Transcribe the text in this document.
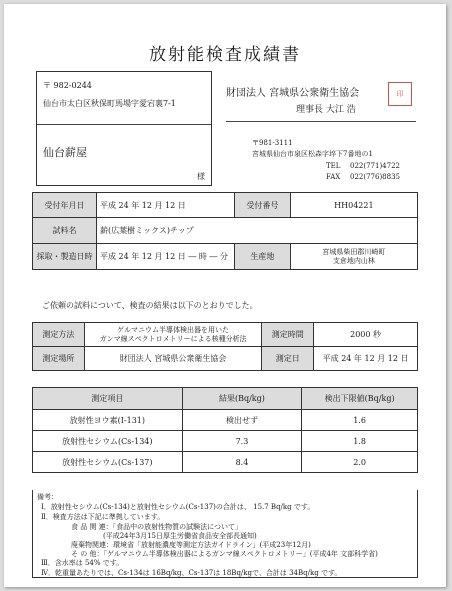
放射能検査成績書
〒 982-0244
仙台市太白区秋保町馬場字愛宕裏7-1
仙台薪屋
様
財団法人 宮城県公衆衛生協会
理事長 大江 浩
印
〒981-3111
宮城県仙台市泉区松森字埣下7番地の1
TEL 022(771)4722
FAX 022(776)8835
受付年月日	平成 24 年 12 月 12 日	受付番号	HH04221
試料名	薪(広葉樹ミックス)チップ		
採取・製造日時	平成 24 年 12 月 12 日 ― 時 ― 分	生産地	宮城県柴田郡川崎町
支倉地内山林
ご依頼の試料について、検査の結果は以下のとおりでした。
測定方法	ゲルマニウム半導体検出器を用いた
ガンマ線スペクトロメトリーによる核種分析法	測定時間	2000 秒
測定場所	財団法人 宮城県公衆衛生協会	測定日	平成 24 年 12 月 12 日
測定項目	結果(Bq/kg)	検出下限値(Bq/kg)
放射性ヨウ素(I-131)	検出せず	1.6
放射性セシウム(Cs-134)	7.3	1.8
放射性セシウム(Cs-137)	8.4	2.0
備考：
Ⅰ．放射性セシウム(Cs-134)と放射性セシウム(Cs-137)の合計は、 15.7 Bq/kg です。
Ⅱ．検査方法は下記に準拠しています。
食 品 関 連：「食品中の放射性物質の試験法について」
(平成24年3月15日厚生労働省食品安全部長通知)
廃棄物関連：環境省「放射能濃度等測定方法ガイドライン」(平成23年12月)
そ の 他：「ゲルマニウム半導体検出器によるガンマ線スペクトロメトリー」(平成4年 文部科学省)
Ⅲ．含水率は 54% です。
Ⅳ．乾重量あたりでは、Cs-134は 16Bq/kg、Cs-137は 18Bq/kgで、合計は 34Bq/kg です。
